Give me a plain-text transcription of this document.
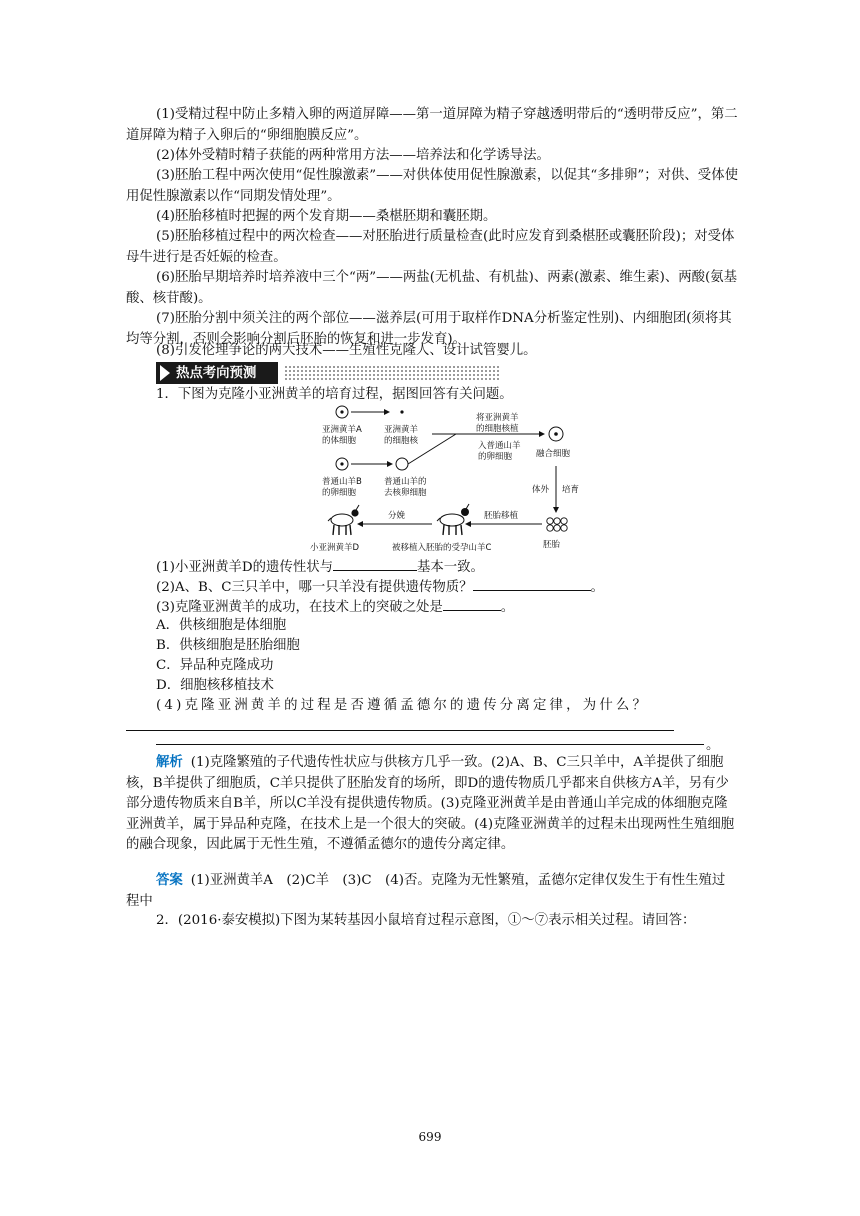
(1)受精过程中防止多精入卵的两道屏障——第一道屏障为精子穿越透明带后的“透明带反应”，第二道屏障为精子入卵后的“卵细胞膜反应”。
(2)体外受精时精子获能的两种常用方法——培养法和化学诱导法。
(3)胚胎工程中两次使用“促性腺激素”——对供体使用促性腺激素，以促其“多排卵”；对供、受体使用促性腺激素以作“同期发情处理”。
(4)胚胎移植时把握的两个发育期——桑椹胚期和囊胚期。
(5)胚胎移植过程中的两次检查——对胚胎进行质量检查(此时应发育到桑椹胚或囊胚阶段)；对受体母牛进行是否妊娠的检查。
(6)胚胎早期培养时培养液中三个“两”——两盐(无机盐、有机盐)、两素(激素、维生素)、两酸(氨基酸、核苷酸)。
(7)胚胎分割中须关注的两个部位——滋养层(可用于取样作DNA分析鉴定性别)、内细胞团(须将其均等分割，否则会影响分割后胚胎的恢复和进一步发育)。
(8)引发伦理争论的两大技术——生殖性克隆人、设计试管婴儿。
热点考向预测
1．下图为克隆小亚洲黄羊的培育过程，据图回答有关问题。
亚洲黄羊A
的体细胞
亚洲黄羊
的细胞核
将亚洲黄羊
的细胞核植
入普通山羊
的卵细胞	融合细胞
普通山羊B
的卵细胞
普通山羊的
去核卵细胞	体外 培育
胚胎
胚胎移植
分娩
小亚洲黄羊D	被移植入胚胎的受孕山羊C
(1)小亚洲黄羊D的遗传性状与	基本一致。
(2)A、B、C三只羊中，哪一只羊没有提供遗传物质？	。
(3)克隆亚洲黄羊的成功，在技术上的突破之处是	。
A．供核细胞是体细胞
B．供核细胞是胚胎细胞
C．异品种克隆成功
D．细胞核移植技术
(4)克隆亚洲黄羊的过程是否遵循孟德尔的遗传分离定律，为什么？
。
解析 (1)克隆繁殖的子代遗传性状应与供核方几乎一致。(2)A、B、C三只羊中，A羊提供了细胞核，B羊提供了细胞质，C羊只提供了胚胎发育的场所，即D的遗传物质几乎都来自供核方A羊，另有少部分遗传物质来自B羊，所以C羊没有提供遗传物质。(3)克隆亚洲黄羊是由普通山羊完成的体细胞克隆亚洲黄羊，属于异品种克隆，在技术上是一个很大的突破。(4)克隆亚洲黄羊的过程未出现两性生殖细胞的融合现象，因此属于无性生殖，不遵循孟德尔的遗传分离定律。
答案 (1)亚洲黄羊A　(2)C羊　(3)C　(4)否。克隆为无性繁殖，孟德尔定律仅发生于有性生殖过程中
2．(2016·泰安模拟)下图为某转基因小鼠培育过程示意图，①～⑦表示相关过程。请回答：
699
